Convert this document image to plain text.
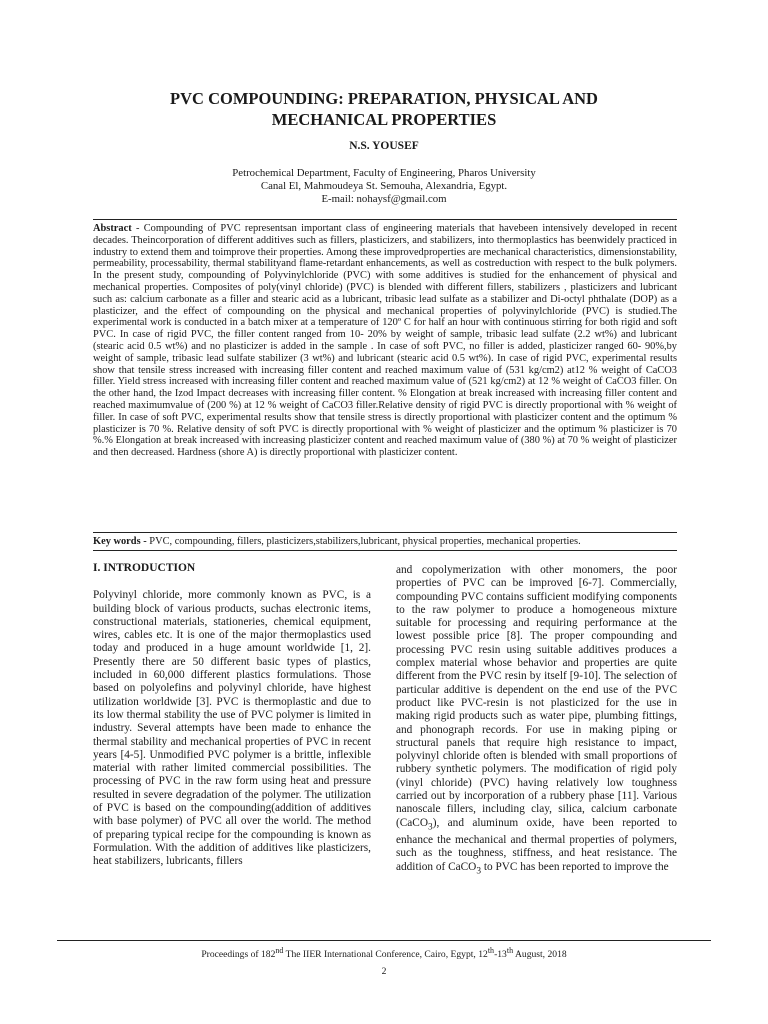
PVC COMPOUNDING: PREPARATION, PHYSICAL AND
MECHANICAL PROPERTIES
N.S. YOUSEF
Petrochemical Department, Faculty of Engineering, Pharos University
Canal El, Mahmoudeya St. Semouha, Alexandria, Egypt.
E-mail: nohaysf@gmail.com
Abstract - Compounding of PVC representsan important class of engineering materials that havebeen intensively developed in recent decades. Theincorporation of different additives such as fillers, plasticizers, and stabilizers, into thermoplastics has beenwidely practiced in industry to extend them and toimprove their properties. Among these improvedproperties are mechanical characteristics, dimensionstability, permeability, processability, thermal stabilityand flame-retardant enhancements, as well as costreduction with respect to the bulk polymers. In the present study, compounding of Polyvinylchloride (PVC) with some additives is studied for the enhancement of physical and mechanical properties. Composites of poly(vinyl chloride) (PVC) is blended with different fillers, stabilizers , plasticizers and lubricant such as: calcium carbonate as a filler and stearic acid as a lubricant, tribasic lead sulfate as a stabilizer and Di-octyl phthalate (DOP) as a plasticizer, and the effect of compounding on the physical and mechanical properties of polyvinylchloride (PVC) is studied.The experimental work is conducted in a batch mixer at a temperature of 120º C for half an hour with continuous stirring for both rigid and soft PVC. In case of rigid PVC, the filler content ranged from 10- 20% by weight of sample, tribasic lead sulfate (2.2 wt%) and lubricant (stearic acid 0.5 wt%) and no plasticizer is added in the sample . In case of soft PVC, no filler is added, plasticizer ranged 60- 90%,by weight of sample, tribasic lead sulfate stabilizer (3 wt%) and lubricant (stearic acid 0.5 wt%). In case of rigid PVC, experimental results show that tensile stress increased with increasing filler content and reached maximum value of (531 kg/cm2) at12 % weight of CaCO3 filler. Yield stress increased with increasing filler content and reached maximum value of (521 kg/cm2) at 12 % weight of CaCO3 filler. On the other hand, the Izod Impact decreases with increasing filler content. % Elongation at break increased with increasing filler content and reached maximumvalue of (200 %) at 12 % weight of CaCO3 filler.Relative density of rigid PVC is directly proportional with % weight of filler. In case of soft PVC, experimental results show that tensile stress is directly proportional with plasticizer content and the optimum % plasticizer is 70 %. Relative density of soft PVC is directly proportional with % weight of plasticizer and the optimum % plasticizer is 70 %.% Elongation at break increased with increasing plasticizer content and reached maximum value of (380 %) at 70 % weight of plasticizer and then decreased. Hardness (shore A) is directly proportional with plasticizer content.
Key words - PVC, compounding, fillers, plasticizers,stabilizers,lubricant, physical properties, mechanical properties.
I. INTRODUCTION

Polyvinyl chloride, more commonly known as PVC, is a building block of various products, suchas electronic items, constructional materials, stationeries, chemical equipment, wires, cables etc. It is one of the major thermoplastics used today and produced in a huge amount worldwide [1, 2]. Presently there are 50 different basic types of plastics, included in 60,000 different plastics formulations. Those based on polyolefins and polyvinyl chloride, have highest utilization worldwide [3]. PVC is thermoplastic and due to its low thermal stability the use of PVC polymer is limited in industry. Several attempts have been made to enhance the thermal stability and mechanical properties of PVC in recent years [4-5]. Unmodified PVC polymer is a brittle, inflexible material with rather limited commercial possibilities. The processing of PVC in the raw form using heat and pressure resulted in severe degradation of the polymer. The utilization of PVC is based on the compounding(addition of additives with base polymer) of PVC all over the world. The method of preparing typical recipe for the compounding is known as Formulation. With the addition of additives like plasticizers, heat stabilizers, lubricants, fillers

and copolymerization with other monomers, the poor properties of PVC can be improved [6-7]. Commercially, compounding PVC contains sufficient modifying components to the raw polymer to produce a homogeneous mixture suitable for processing and requiring performance at the lowest possible price [8]. The proper compounding and processing PVC resin using suitable additives produces a complex material whose behavior and properties are quite different from the PVC resin by itself [9-10]. The selection of particular additive is dependent on the end use of the PVC product like PVC-resin is not plasticized for the use in making rigid products such as water pipe, plumbing fittings, and phonograph records. For use in making piping or structural panels that require high resistance to impact, polyvinyl chloride often is blended with small proportions of rubbery synthetic polymers. The modification of rigid poly (vinyl chloride) (PVC) having relatively low toughness carried out by incorporation of a rubbery phase [11]. Various nanoscale fillers, including clay, silica, calcium carbonate (CaCO$_3$), and aluminum oxide, have been reported to enhance the mechanical and thermal properties of polymers, such as the toughness, stiffness, and heat resistance. The addition of CaCO$_3$ to PVC has been reported to improve the

Proceedings of 182nd The IIER International Conference, Cairo, Egypt, 12th-13th August, 2018
2
